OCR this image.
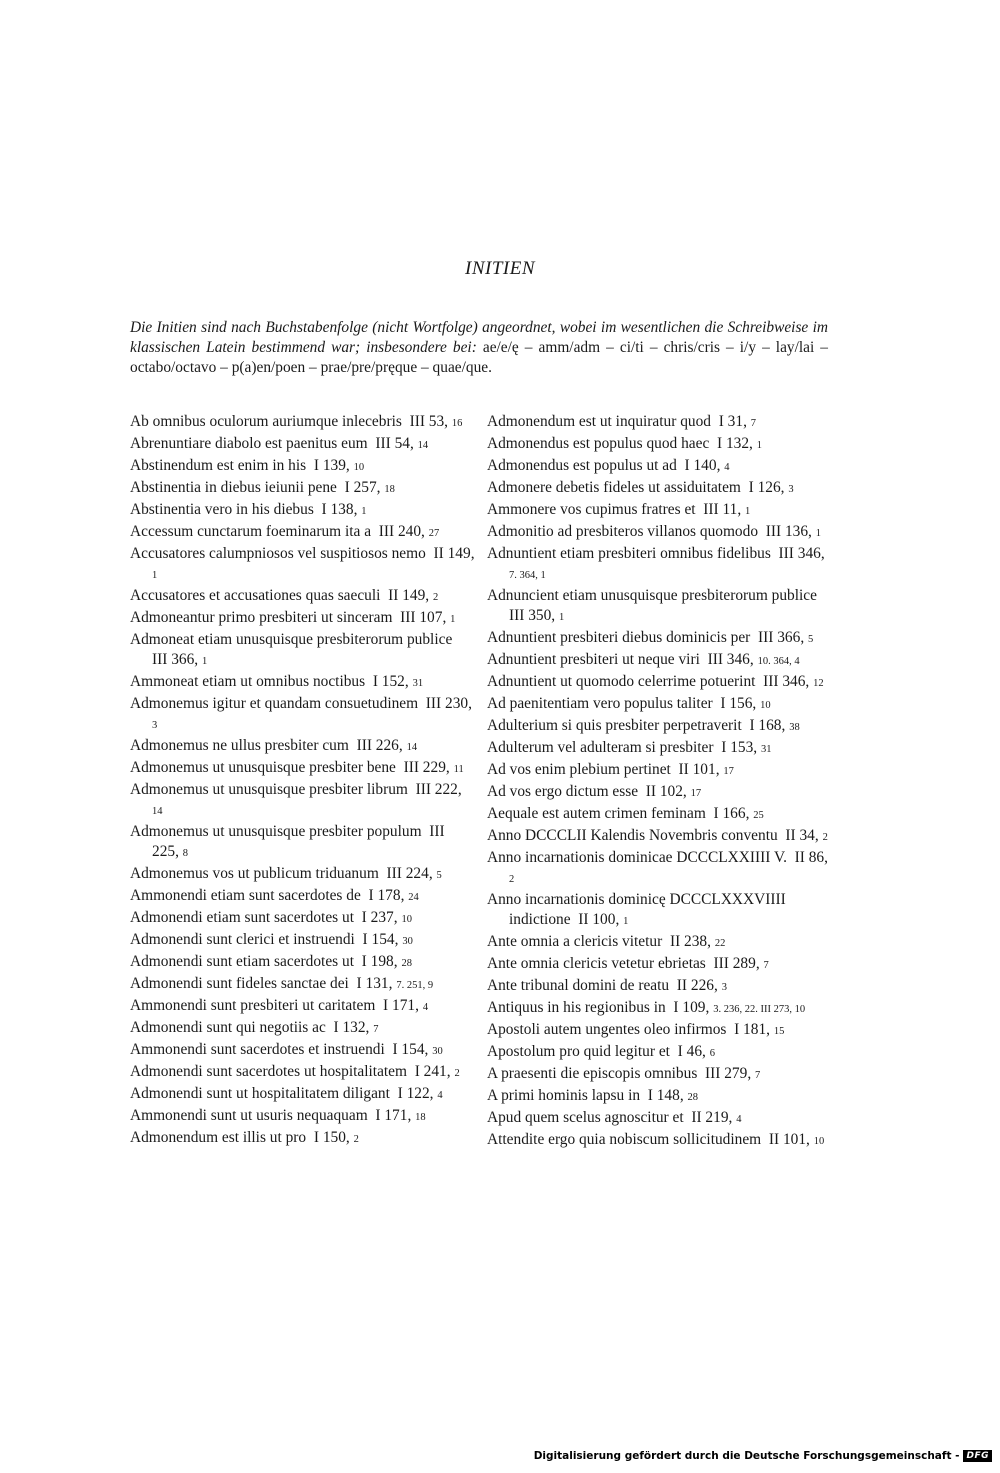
INITIEN
Die Initien sind nach Buchstabenfolge (nicht Wortfolge) angeordnet, wobei im wesentlichen die Schreibweise im klassischen Latein bestimmend war; insbesondere bei: ae/e/ę – amm/adm – ci/ti – chris/cris – i/y – lay/lai – octabo/octavo – p(a)en/poen – prae/pre/pręque – quae/que.

Ab omnibus oculorum auriumque inlecebris III 53, 16

Abrenuntiare diabolo est paenitus eum III 54, 14

Abstinendum est enim in his I 139, 10

Abstinentia in diebus ieiunii pene I 257, 18

Abstinentia vero in his diebus I 138, 1

Accessum cunctarum foeminarum ita a III 240, 27

Accusatores calumpniosos vel suspitiosos nemo II 149, 1

Accusatores et accusationes quas saeculi II 149, 2

Admoneantur primo presbiteri ut sinceram III 107, 1

Admoneat etiam unusquisque presbiterorum publice  III 366, 1

Ammoneat etiam ut omnibus noctibus I 152, 31

Admonemus igitur et quandam consuetudinem III 230, 3

Admonemus ne ullus presbiter cum III 226, 14

Admonemus ut unusquisque presbiter bene III 229, 11

Admonemus ut unusquisque presbiter librum III 222, 14

Admonemus ut unusquisque presbiter populum III 225, 8

Admonemus vos ut publicum triduanum III 224, 5

Ammonendi etiam sunt sacerdotes de I 178, 24

Admonendi etiam sunt sacerdotes ut I 237, 10

Admonendi sunt clerici et instruendi I 154, 30

Admonendi sunt etiam sacerdotes ut I 198, 28

Admonendi sunt fideles sanctae dei I 131, 7. 251, 9

Ammonendi sunt presbiteri ut caritatem I 171, 4

Admonendi sunt qui negotiis ac I 132, 7

Ammonendi sunt sacerdotes et instruendi I 154, 30

Admonendi sunt sacerdotes ut hospitalitatem I 241, 2

Admonendi sunt ut hospitalitatem diligant I 122, 4

Ammonendi sunt ut usuris nequaquam I 171, 18

Admonendum est illis ut pro I 150, 2

Admonendum est ut inquiratur quod I 31, 7

Admonendus est populus quod haec I 132, 1

Admonendus est populus ut ad I 140, 4

Admonere debetis fideles ut assiduitatem I 126, 3

Ammonere vos cupimus fratres et III 11, 1

Admonitio ad presbiteros villanos quomodo III 136, 1

Adnuntient etiam presbiteri omnibus fidelibus III 346, 7. 364, 1

Adnuncient etiam unusquisque presbiterorum publice  III 350, 1

Adnuntient presbiteri diebus dominicis per III 366, 5

Adnuntient presbiteri ut neque viri III 346, 10. 364, 4

Adnuntient ut quomodo celerrime potuerint III 346, 12

Ad paenitentiam vero populus taliter I 156, 10

Adulterium si quis presbiter perpetraverit I 168, 38

Adulterum vel adulteram si presbiter I 153, 31

Ad vos enim plebium pertinet II 101, 17

Ad vos ergo dictum esse II 102, 17

Aequale est autem crimen feminam I 166, 25

Anno DCCCLII Kalendis Novembris conventu II 34, 2

Anno incarnationis dominicae DCCCLXXIIII V. II 86, 2

Anno incarnationis dominicę DCCCLXXXVIIII indictione II 100, 1

Ante omnia a clericis vitetur II 238, 22

Ante omnia clericis vetetur ebrietas III 289, 7

Ante tribunal domini de reatu II 226, 3

Antiquus in his regionibus in I 109, 3. 236, 22. III 273, 10

Apostoli autem ungentes oleo infirmos I 181, 15

Apostolum pro quid legitur et I 46, 6

A praesenti die episcopis omnibus III 279, 7

A primi hominis lapsu in I 148, 28

Apud quem scelus agnoscitur et II 219, 4

Attendite ergo quia nobiscum sollicitudinem II 101, 10

Digitalisierung gefördert durch die Deutsche Forschungsgemeinschaft - DFG
